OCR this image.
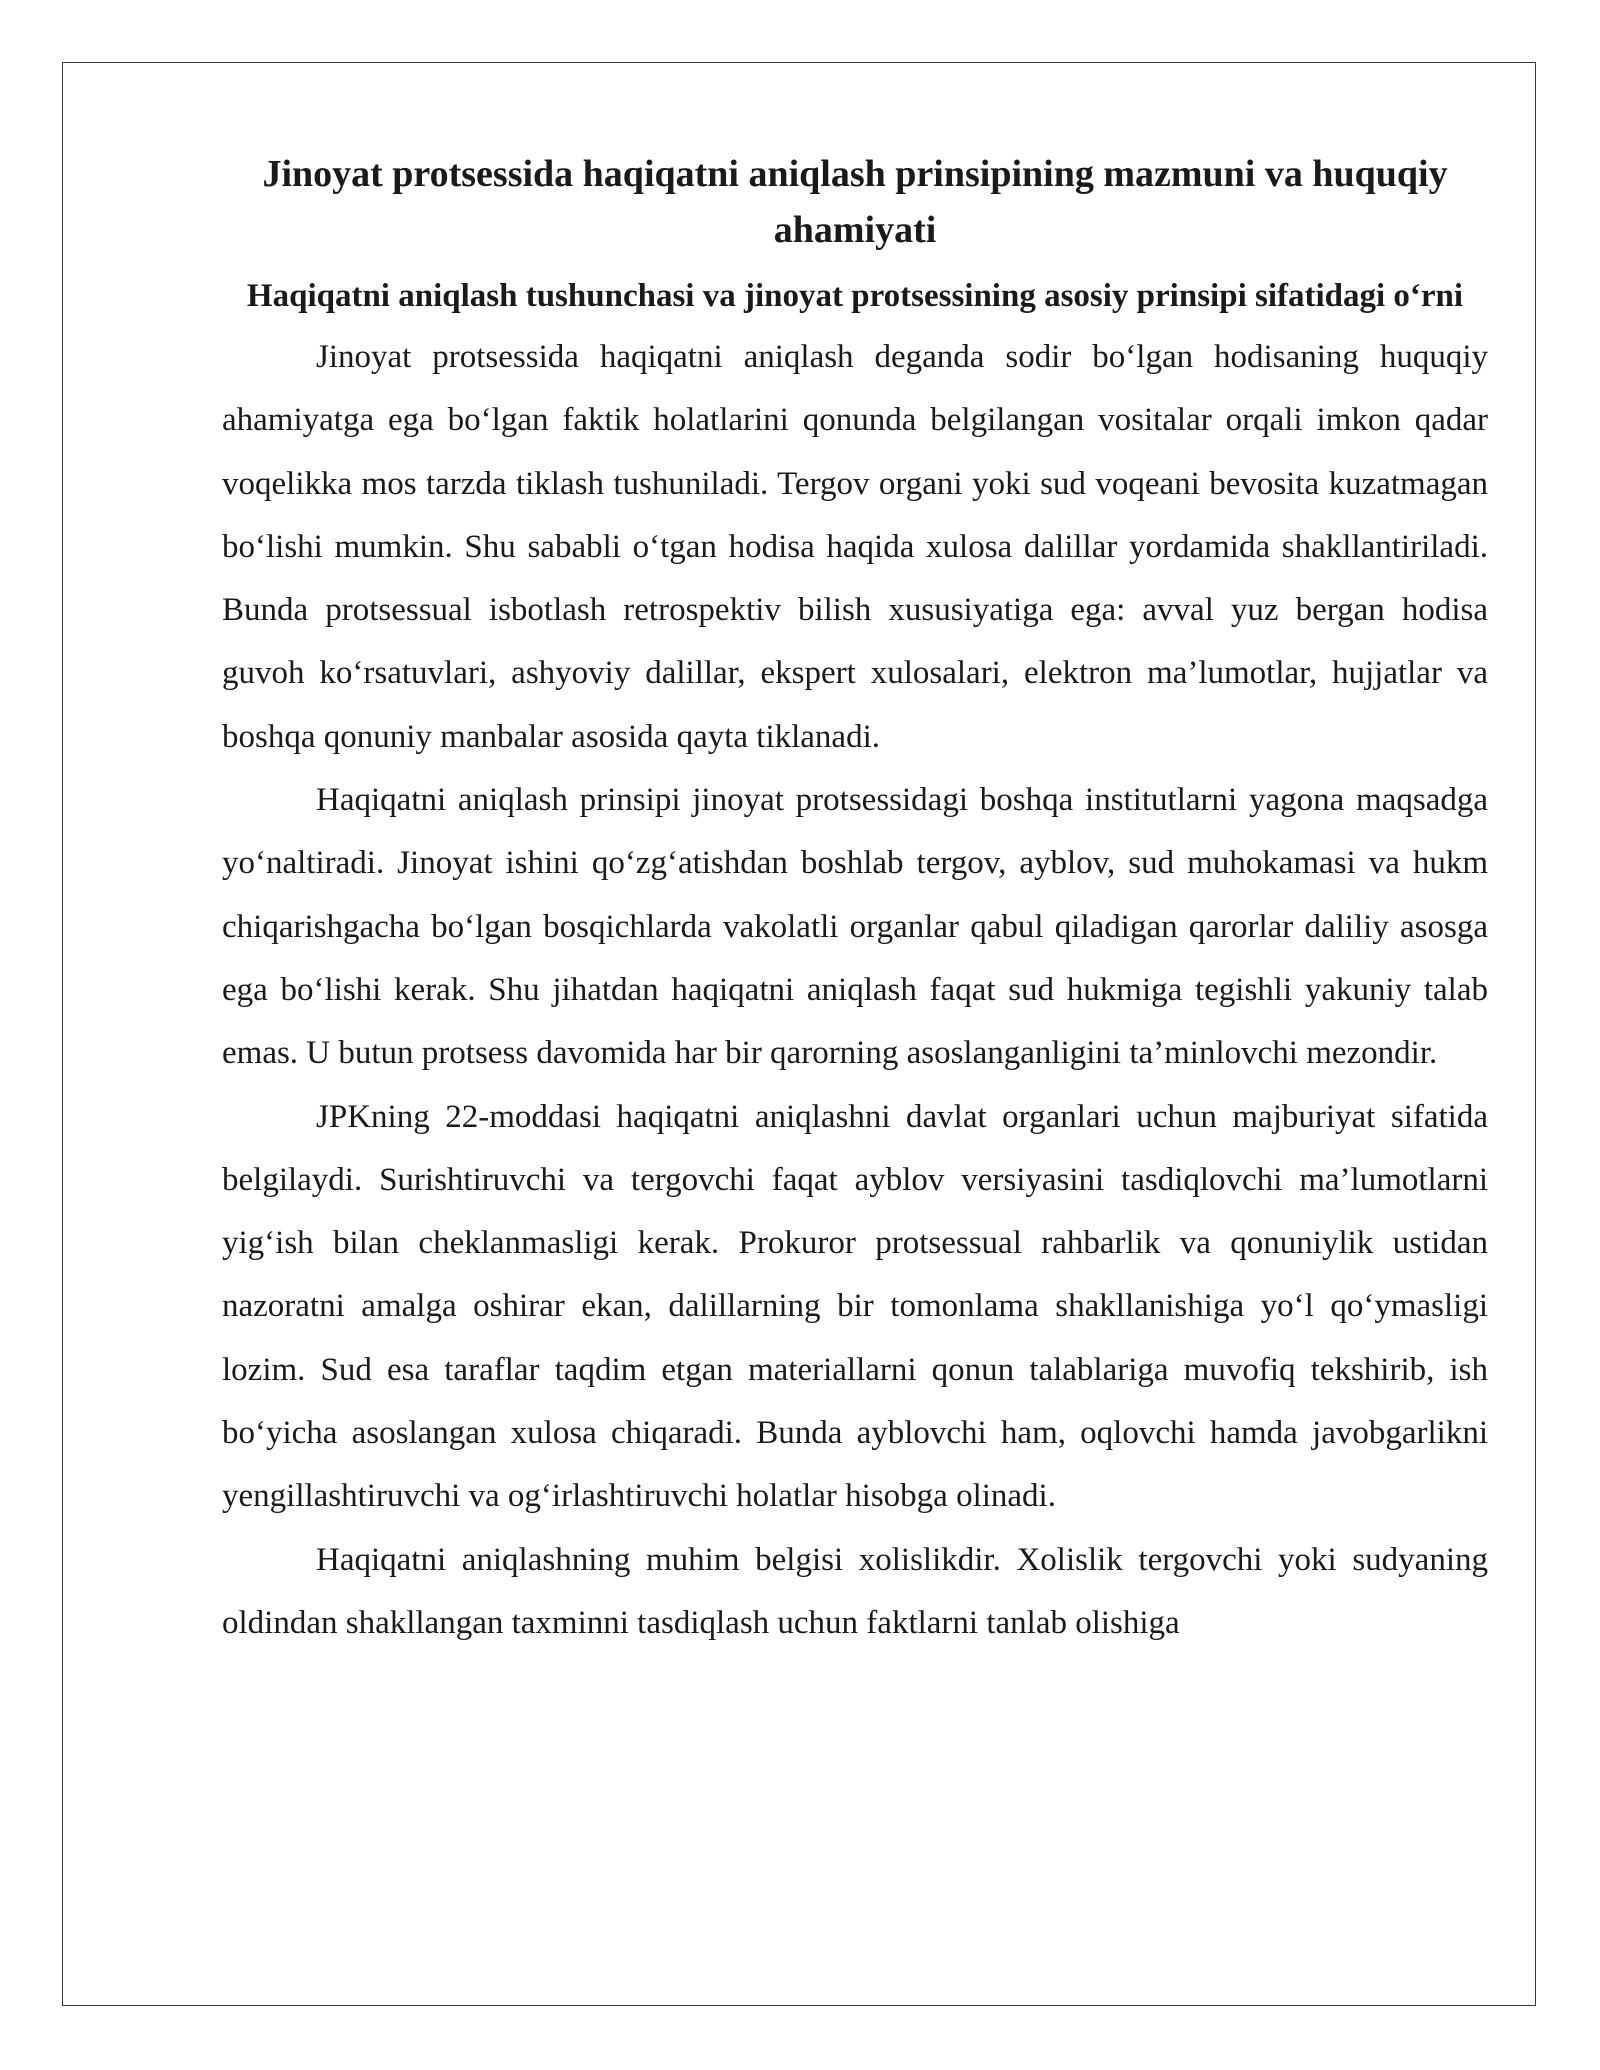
Jinoyat protsessida haqiqatni aniqlash prinsipining mazmuni va huquqiy ahamiyati
Haqiqatni aniqlash tushunchasi va jinoyat protsessining asosiy prinsipi sifatidagi o‘rni

Jinoyat protsessida haqiqatni aniqlash deganda sodir bo‘lgan hodisaning huquqiy ahamiyatga ega bo‘lgan faktik holatlarini qonunda belgilangan vositalar orqali imkon qadar voqelikka mos tarzda tiklash tushuniladi. Tergov organi yoki sud voqeani bevosita kuzatmagan bo‘lishi mumkin. Shu sababli o‘tgan hodisa haqida xulosa dalillar yordamida shakllantiriladi. Bunda protsessual isbotlash retrospektiv bilish xususiyatiga ega: avval yuz bergan hodisa guvoh ko‘rsatuvlari, ashyoviy dalillar, ekspert xulosalari, elektron ma’lumotlar, hujjatlar va boshqa qonuniy manbalar asosida qayta tiklanadi.

Haqiqatni aniqlash prinsipi jinoyat protsessidagi boshqa institutlarni yagona maqsadga yo‘naltiradi. Jinoyat ishini qo‘zg‘atishdan boshlab tergov, ayblov, sud muhokamasi va hukm chiqarishgacha bo‘lgan bosqichlarda vakolatli organlar qabul qiladigan qarorlar daliliy asosga ega bo‘lishi kerak. Shu jihatdan haqiqatni aniqlash faqat sud hukmiga tegishli yakuniy talab emas. U butun protsess davomida har bir qarorning asoslanganligini ta’minlovchi mezondir.

JPKning 22-moddasi haqiqatni aniqlashni davlat organlari uchun majburiyat sifatida belgilaydi. Surishtiruvchi va tergovchi faqat ayblov versiyasini tasdiqlovchi ma’lumotlarni yig‘ish bilan cheklanmasligi kerak. Prokuror protsessual rahbarlik va qonuniylik ustidan nazoratni amalga oshirar ekan, dalillarning bir tomonlama shakllanishiga yo‘l qo‘ymasligi lozim. Sud esa taraflar taqdim etgan materiallarni qonun talablariga muvofiq tekshirib, ish bo‘yicha asoslangan xulosa chiqaradi. Bunda ayblovchi ham, oqlovchi hamda javobgarlikni yengillashtiruvchi va og‘irlashtiruvchi holatlar hisobga olinadi.

Haqiqatni aniqlashning muhim belgisi xolislikdir. Xolislik tergovchi yoki sudyaning oldindan shakllangan taxminni tasdiqlash uchun faktlarni tanlab olishiga
